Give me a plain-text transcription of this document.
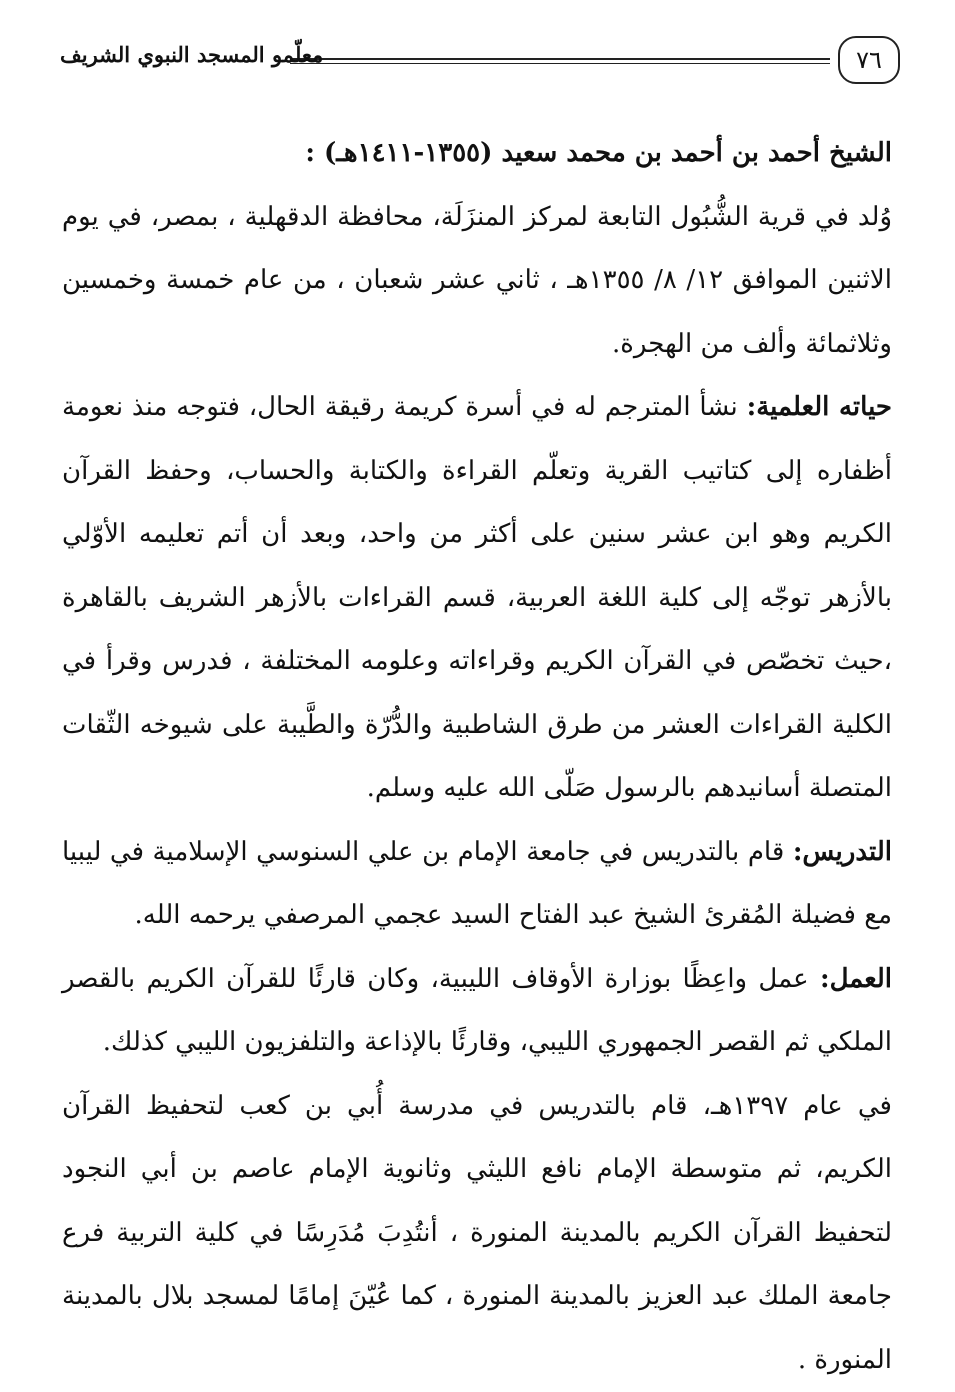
٧٦
معلّمو المسجد النبوي الشريف

الشيخ أحمد بن أحمد بن محمد سعيد (١٣٥٥-١٤١١هـ) :

وُلد في قرية الشُّبُول التابعة لمركز المنزَلَة، محافظة الدقهلية ، بمصر، في يوم الاثنين الموافق ١٢/ ٨/ ١٣٥٥هـ ، ثاني عشر شعبان ، من عام خمسة وخمسين وثلاثمائة وألف من الهجرة.

حياته العلمية: نشأ المترجم له في أسرة كريمة رقيقة الحال، فتوجه منذ نعومة أظفاره إلى كتاتيب القرية وتعلّم القراءة والكتابة والحساب، وحفظ القرآن الكريم وهو ابن عشر سنين على أكثر من واحد، وبعد أن أتم تعليمه الأوّلي بالأزهر توجّه إلى كلية اللغة العربية، قسم القراءات بالأزهر الشريف بالقاهرة ،حيث تخصّص في القرآن الكريم وقراءاته وعلومه المختلفة ، فدرس وقرأ في الكلية القراءات العشر من طرق الشاطبية والدُّرّة والطَّيبة على شيوخه الثّقات المتصلة أسانيدهم بالرسول صَلّى الله عليه وسلم.

التدريس: قام بالتدريس في جامعة الإمام بن علي السنوسي الإسلامية في ليبيا مع فضيلة المُقرئ الشيخ عبد الفتاح السيد عجمي المرصفي يرحمه الله.

العمل: عمل واعِظًا بوزارة الأوقاف الليبية، وكان قارئًا للقرآن الكريم بالقصر الملكي ثم القصر الجمهوري الليبي، وقارئًا بالإذاعة والتلفزيون الليبي كذلك.

في عام ١٣٩٧هـ، قام بالتدريس في مدرسة أُبي بن كعب لتحفيظ القرآن الكريم، ثم متوسطة الإمام نافع الليثي وثانوية الإمام عاصم بن أبي النجود لتحفيظ القرآن الكريم بالمدينة المنورة ، أنتُدِبَ مُدَرِسًا في كلية التربية فرع جامعة الملك عبد العزيز بالمدينة المنورة ، كما عُيّنَ إمامًا لمسجد بلال بالمدينة المنورة .
